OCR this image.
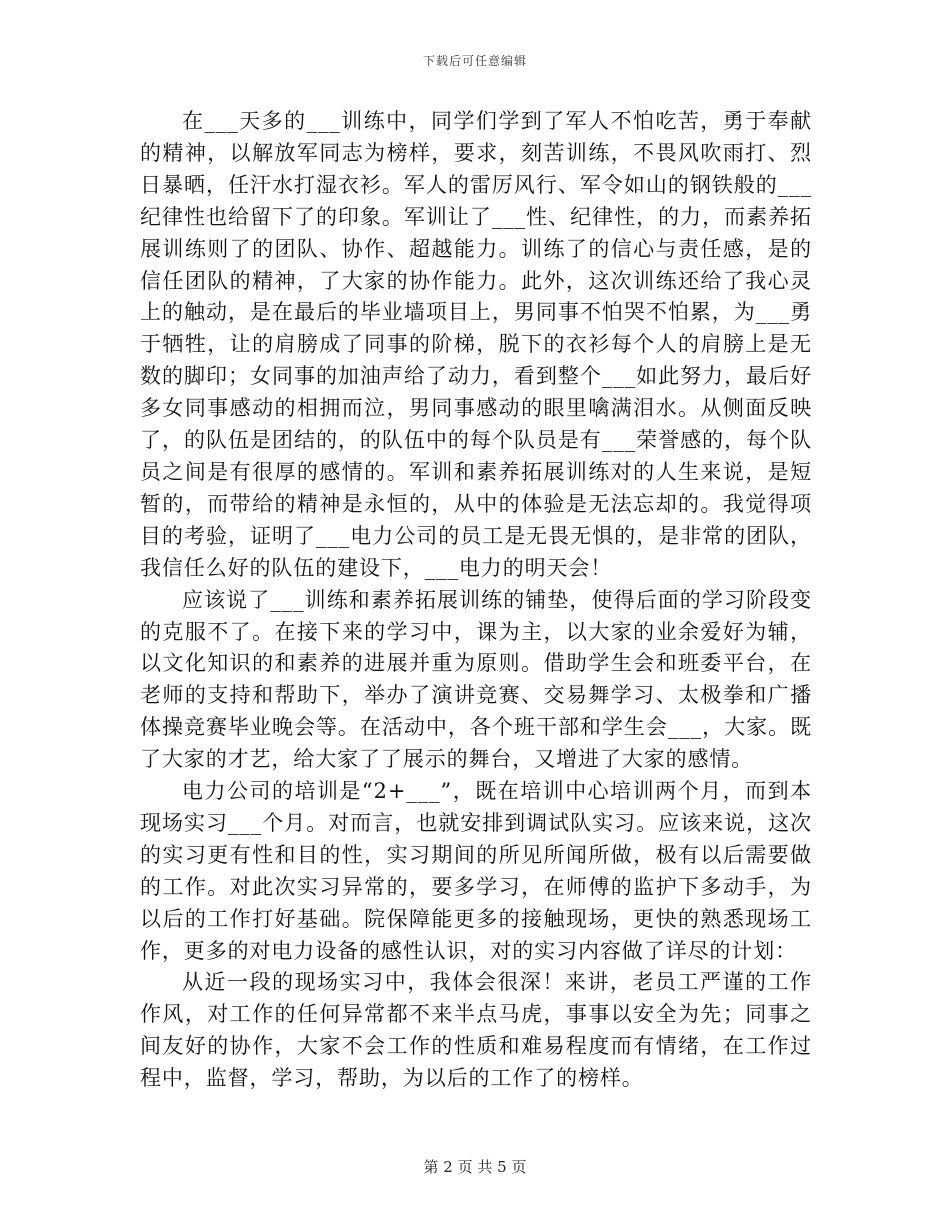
下载后可任意编辑

在___天多的___训练中，同学们学到了军人不怕吃苦，勇于奉献的精神，以解放军同志为榜样，要求，刻苦训练，不畏风吹雨打、烈日暴晒，任汗水打湿衣衫。军人的雷厉风行、军令如山的钢铁般的___纪律性也给留下了的印象。军训让了___性、纪律性，的力，而素养拓展训练则了的团队、协作、超越能力。训练了的信心与责任感，是的信任团队的精神，了大家的协作能力。此外，这次训练还给了我心灵上的触动，是在最后的毕业墙项目上，男同事不怕哭不怕累，为___勇于牺牲，让的肩膀成了同事的阶梯，脱下的衣衫每个人的肩膀上是无数的脚印；女同事的加油声给了动力，看到整个___如此努力，最后好多女同事感动的相拥而泣，男同事感动的眼里噙满泪水。从侧面反映了，的队伍是团结的，的队伍中的每个队员是有___荣誉感的，每个队员之间是有很厚的感情的。军训和素养拓展训练对的人生来说，是短暂的，而带给的精神是永恒的，从中的体验是无法忘却的。我觉得项目的考验，证明了___电力公司的员工是无畏无惧的，是非常的团队，我信任么好的队伍的建设下，___电力的明天会！

应该说了___训练和素养拓展训练的铺垫，使得后面的学习阶段变的克服不了。在接下来的学习中，课为主，以大家的业余爱好为辅，以文化知识的和素养的进展并重为原则。借助学生会和班委平台，在老师的支持和帮助下，举办了演讲竞赛、交易舞学习、太极拳和广播体操竞赛毕业晚会等。在活动中，各个班干部和学生会___，大家。既了大家的才艺，给大家了了展示的舞台，又增进了大家的感情。

电力公司的培训是“2+___”，既在培训中心培训两个月，而到本现场实习___个月。对而言，也就安排到调试队实习。应该来说，这次的实习更有性和目的性，实习期间的所见所闻所做，极有以后需要做的工作。对此次实习异常的，要多学习，在师傅的监护下多动手，为以后的工作打好基础。院保障能更多的接触现场，更快的熟悉现场工作，更多的对电力设备的感性认识，对的实习内容做了详尽的计划：

从近一段的现场实习中，我体会很深！来讲，老员工严谨的工作作风，对工作的任何异常都不来半点马虎，事事以安全为先；同事之间友好的协作，大家不会工作的性质和难易程度而有情绪，在工作过程中，监督，学习，帮助，为以后的工作了的榜样。

第 2 页 共 5 页
